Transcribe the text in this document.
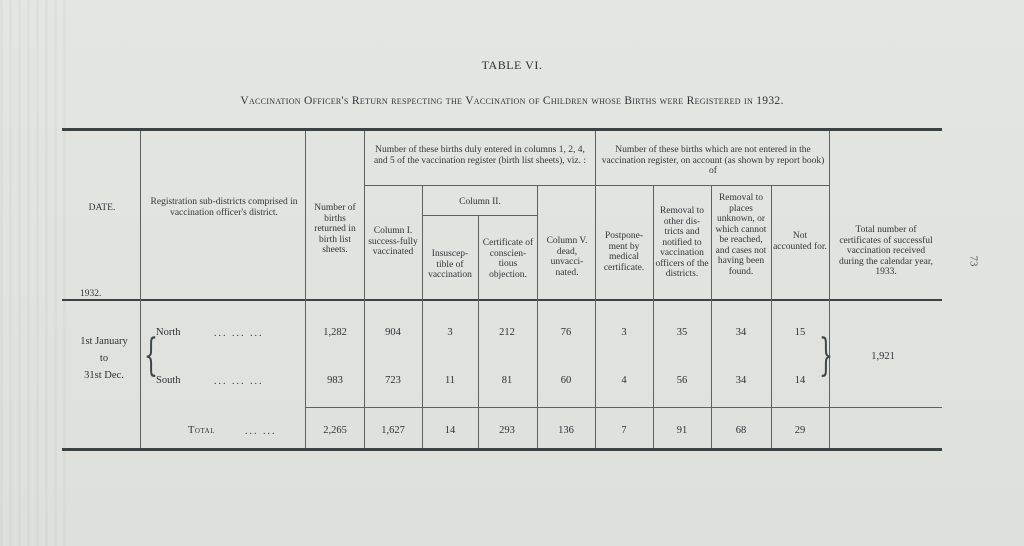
73
TABLE VI.
Vaccination Officer's Return respecting the Vaccination of Children whose Births were Registered in 1932.
DATE.
1932.
Registration sub-districts comprised in vaccination officer's district.	Number of births returned in birth list sheets.
Number of these births duly entered in columns 1, 2, 4, and 5 of the vaccination register (birth list sheets), viz. :
Column I. success-fully vaccinated
Column II.
Insuscep-tible of vaccination
Certificate of conscien-tious objection.
Column V. dead, unvacci-nated.
Number of these births which are not entered in the vaccination register, on account (as shown by report book) of
Postpone-ment by medical certificate.
Removal to other dis-tricts and notified to vaccination officers of the districts.
Removal to places unknown, or which cannot be reached, and cases not having been found.
Not accounted for.
Total number of certificates of successful vaccination received during the calendar year, 1933.
1st January
to
31st Dec. {	}
North	... ... ...	1,282	904	3	212	76	3	35	34	15
South	... ... ...	983	723	11	81	60	4	56	34	14
1,921
Total	... ...	2,265	1,627	14	293	136	7	91	68	29
